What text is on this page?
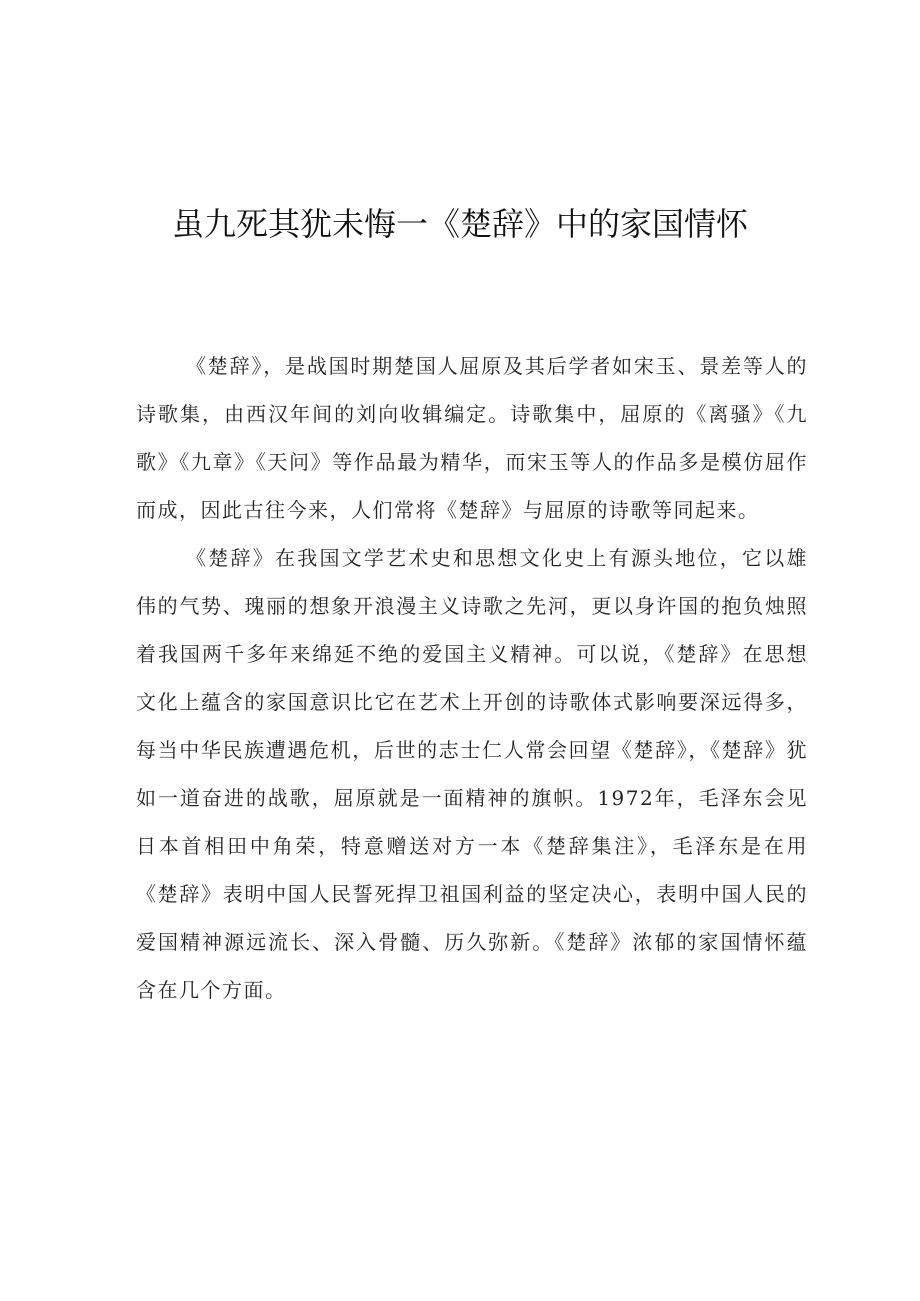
虽九死其犹未悔一《楚辞》中的家国情怀

《楚辞》，是战国时期楚国人屈原及其后学者如宋玉、景差等人的诗歌集，由西汉年间的刘向收辑编定。诗歌集中，屈原的《离骚》《九歌》《九章》《天问》等作品最为精华，而宋玉等人的作品多是模仿屈作而成，因此古往今来，人们常将《楚辞》与屈原的诗歌等同起来。

《楚辞》在我国文学艺术史和思想文化史上有源头地位，它以雄伟的气势、瑰丽的想象开浪漫主义诗歌之先河，更以身许国的抱负烛照着我国两千多年来绵延不绝的爱国主义精神。可以说，《楚辞》在思想文化上蕴含的家国意识比它在艺术上开创的诗歌体式影响要深远得多，每当中华民族遭遇危机，后世的志士仁人常会回望《楚辞》，《楚辞》犹如一道奋进的战歌，屈原就是一面精神的旗帜。1972年，毛泽东会见日本首相田中角荣，特意赠送对方一本《楚辞集注》，毛泽东是在用《楚辞》表明中国人民誓死捍卫祖国利益的坚定决心，表明中国人民的爱国精神源远流长、深入骨髓、历久弥新。《楚辞》浓郁的家国情怀蕴含在几个方面。
